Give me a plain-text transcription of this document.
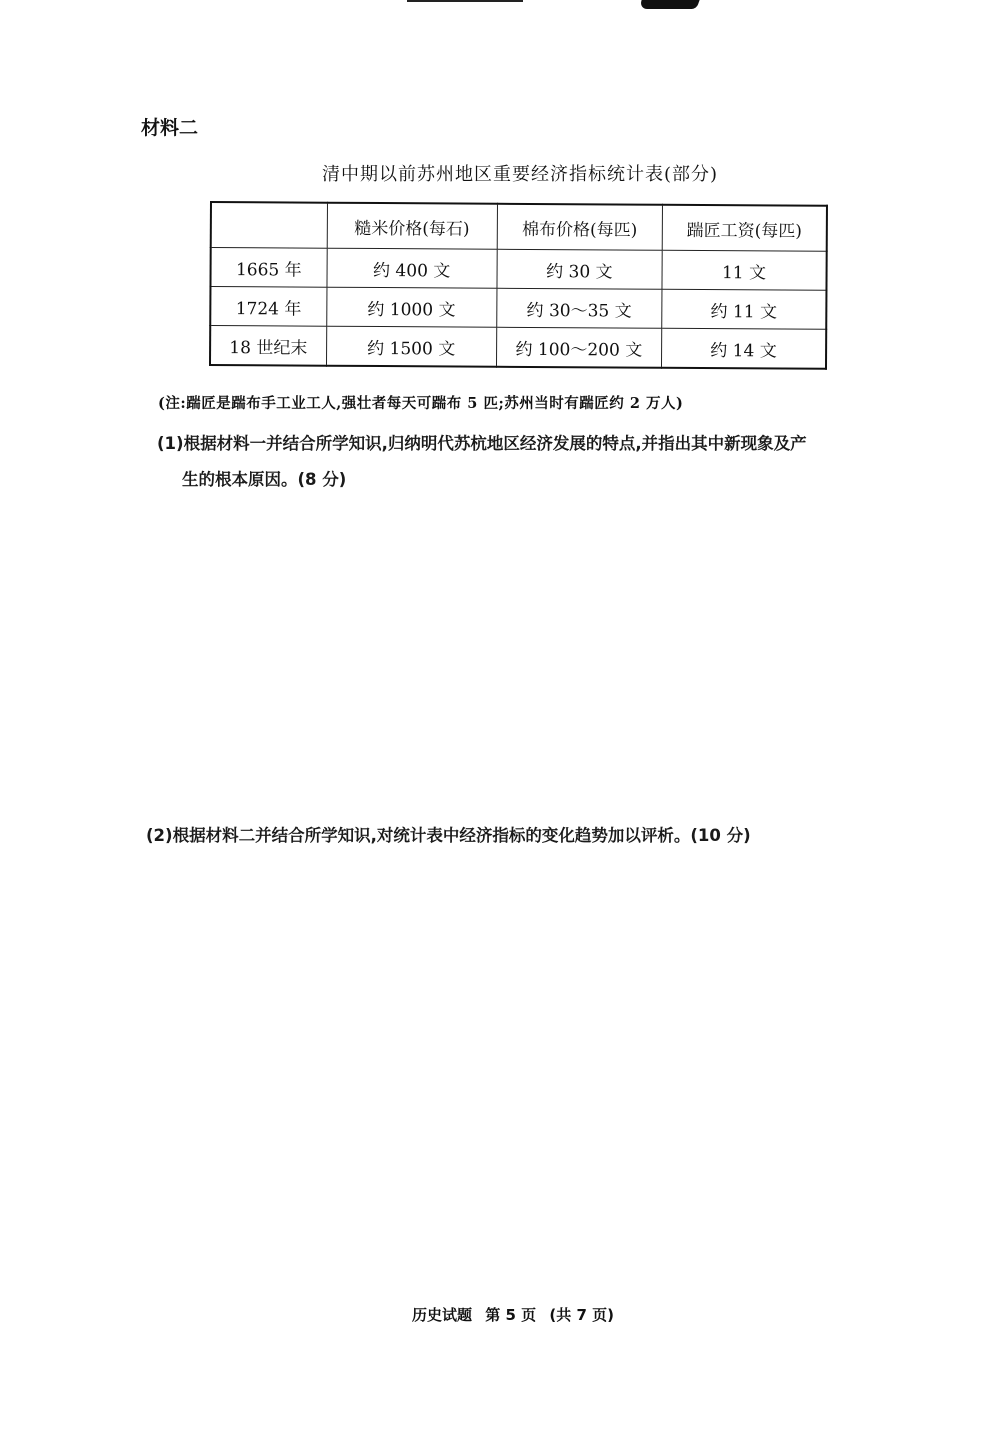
材料二
清中期以前苏州地区重要经济指标统计表(部分)
	糙米价格(每石)	棉布价格(每匹)	踹匠工资(每匹)
1665 年	约 400 文	约 30 文	11 文
1724 年	约 1000 文	约 30～35 文	约 11 文
18 世纪末	约 1500 文	约 100～200 文	约 14 文
(注:踹匠是踹布手工业工人,强壮者每天可踹布 5 匹;苏州当时有踹匠约 2 万人)
(1)根据材料一并结合所学知识,归纳明代苏杭地区经济发展的特点,并指出其中新现象及产
生的根本原因。(8 分)
(2)根据材料二并结合所学知识,对统计表中经济指标的变化趋势加以评析。(10 分)
历史试题 第 5 页 (共 7 页)
